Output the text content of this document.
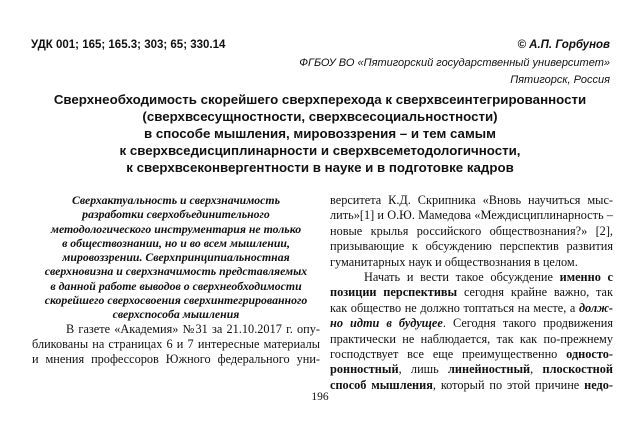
УДК 001; 165; 165.3; 303; 65; 330.14	© А.П. Горбунов
ФГБОУ ВО «Пятигорский государственный университет»
Пятигорск, Россия
Сверхнеобходимость скорейшего сверхперехода к сверхвсеинтегрированности
(сверхвсесущностности, сверхвсесоциальностности)
в способе мышления, мировоззрения – и тем самым
к сверхвседисциплинарности и сверхвсеметодологичности,
к сверхвсеконвергентности в науке и в подготовке кадров
Сверхактуальность и сверхзначимость
разработки сверхобъединительного
методологического инструментария не только
в обществознании, но и во всем мышлении,
мировоззрении. Сверхпринципиальностная
сверхновизна и сверхзначимость представляемых
в данной работе выводов о сверхнеобходимости
скорейшего сверхосвоения сверхинтегрированного
сверхспособа мышления
В газете «Академия» №31 за 21.10.2017 г. опу-
бликованы на страницах 6 и 7 интересные материалы
и мнения профессоров Южного федерального уни-
верситета К.Д. Скрипника «Вновь научиться мыс-
лить»[1] и О.Ю. Мамедова «Междисциплинарность –
новые крылья российского обществознания?» [2],
призывающие к обсуждению перспектив развития
гуманитарных наук и обществознания в целом.
Начать и вести такое обсуждение именно с
позиции перспективы сегодня крайне важно, так
как общество не должно топтаться на месте, а долж-
но идти в будущее. Сегодня такого продвижения
практически не наблюдается, так как по-прежнему
господствует все еще преимущественно односто-
ронностный, лишь линейностный, плоскостной
способ мышления, который по этой причине недо-
196
